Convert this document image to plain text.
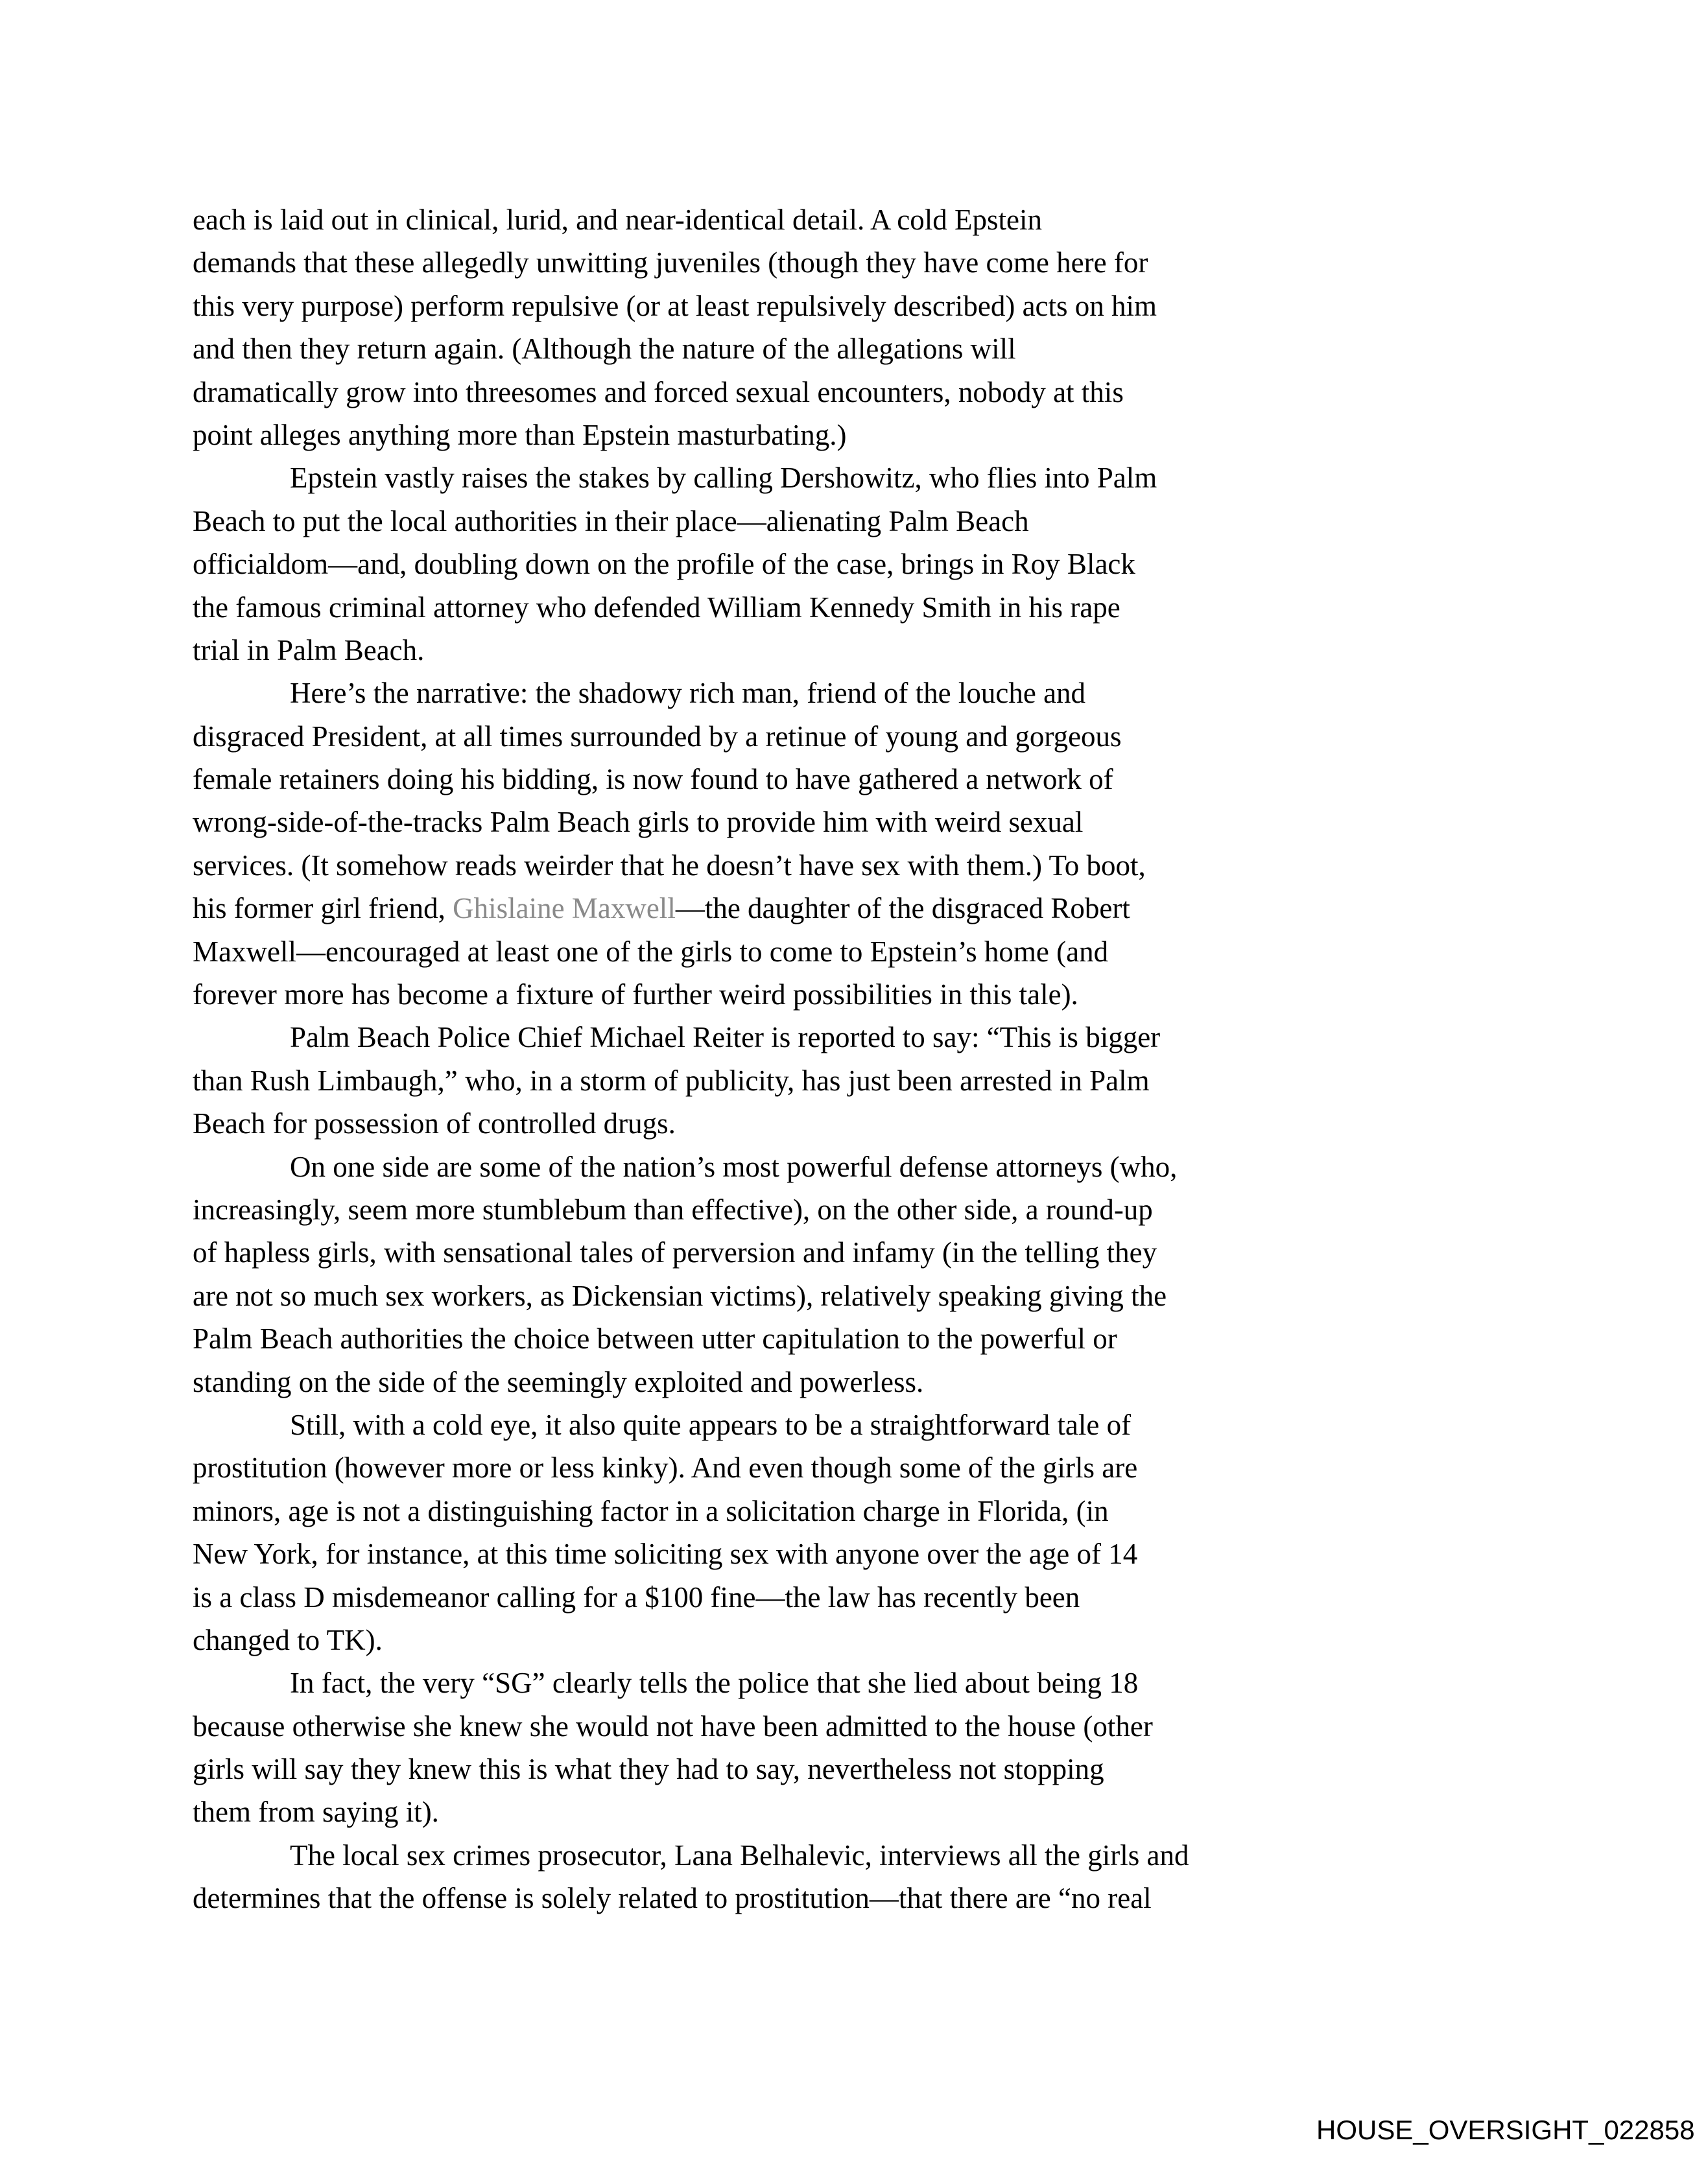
each is laid out in clinical, lurid, and near-identical detail. A cold Epstein
demands that these allegedly unwitting juveniles (though they have come here for
this very purpose) perform repulsive (or at least repulsively described) acts on him
and then they return again. (Although the nature of the allegations will
dramatically grow into threesomes and forced sexual encounters, nobody at this
point alleges anything more than Epstein masturbating.)
Epstein vastly raises the stakes by calling Dershowitz, who flies into Palm
Beach to put the local authorities in their place—alienating Palm Beach
officialdom—and, doubling down on the profile of the case, brings in Roy Black
the famous criminal attorney who defended William Kennedy Smith in his rape
trial in Palm Beach.
Here’s the narrative: the shadowy rich man, friend of the louche and
disgraced President, at all times surrounded by a retinue of young and gorgeous
female retainers doing his bidding, is now found to have gathered a network of
wrong-side-of-the-tracks Palm Beach girls to provide him with weird sexual
services. (It somehow reads weirder that he doesn’t have sex with them.) To boot,
his former girl friend, Ghislaine Maxwell—the daughter of the disgraced Robert
Maxwell—encouraged at least one of the girls to come to Epstein’s home (and
forever more has become a fixture of further weird possibilities in this tale).
Palm Beach Police Chief Michael Reiter is reported to say: “This is bigger
than Rush Limbaugh,” who, in a storm of publicity, has just been arrested in Palm
Beach for possession of controlled drugs.
On one side are some of the nation’s most powerful defense attorneys (who,
increasingly, seem more stumblebum than effective), on the other side, a round-up
of hapless girls, with sensational tales of perversion and infamy (in the telling they
are not so much sex workers, as Dickensian victims), relatively speaking giving the
Palm Beach authorities the choice between utter capitulation to the powerful or
standing on the side of the seemingly exploited and powerless.
Still, with a cold eye, it also quite appears to be a straightforward tale of
prostitution (however more or less kinky). And even though some of the girls are
minors, age is not a distinguishing factor in a solicitation charge in Florida, (in
New York, for instance, at this time soliciting sex with anyone over the age of 14
is a class D misdemeanor calling for a $100 fine—the law has recently been
changed to TK).
In fact, the very “SG” clearly tells the police that she lied about being 18
because otherwise she knew she would not have been admitted to the house (other
girls will say they knew this is what they had to say, nevertheless not stopping
them from saying it).
The local sex crimes prosecutor, Lana Belhalevic, interviews all the girls and
determines that the offense is solely related to prostitution—that there are “no real
HOUSE_OVERSIGHT_022858
